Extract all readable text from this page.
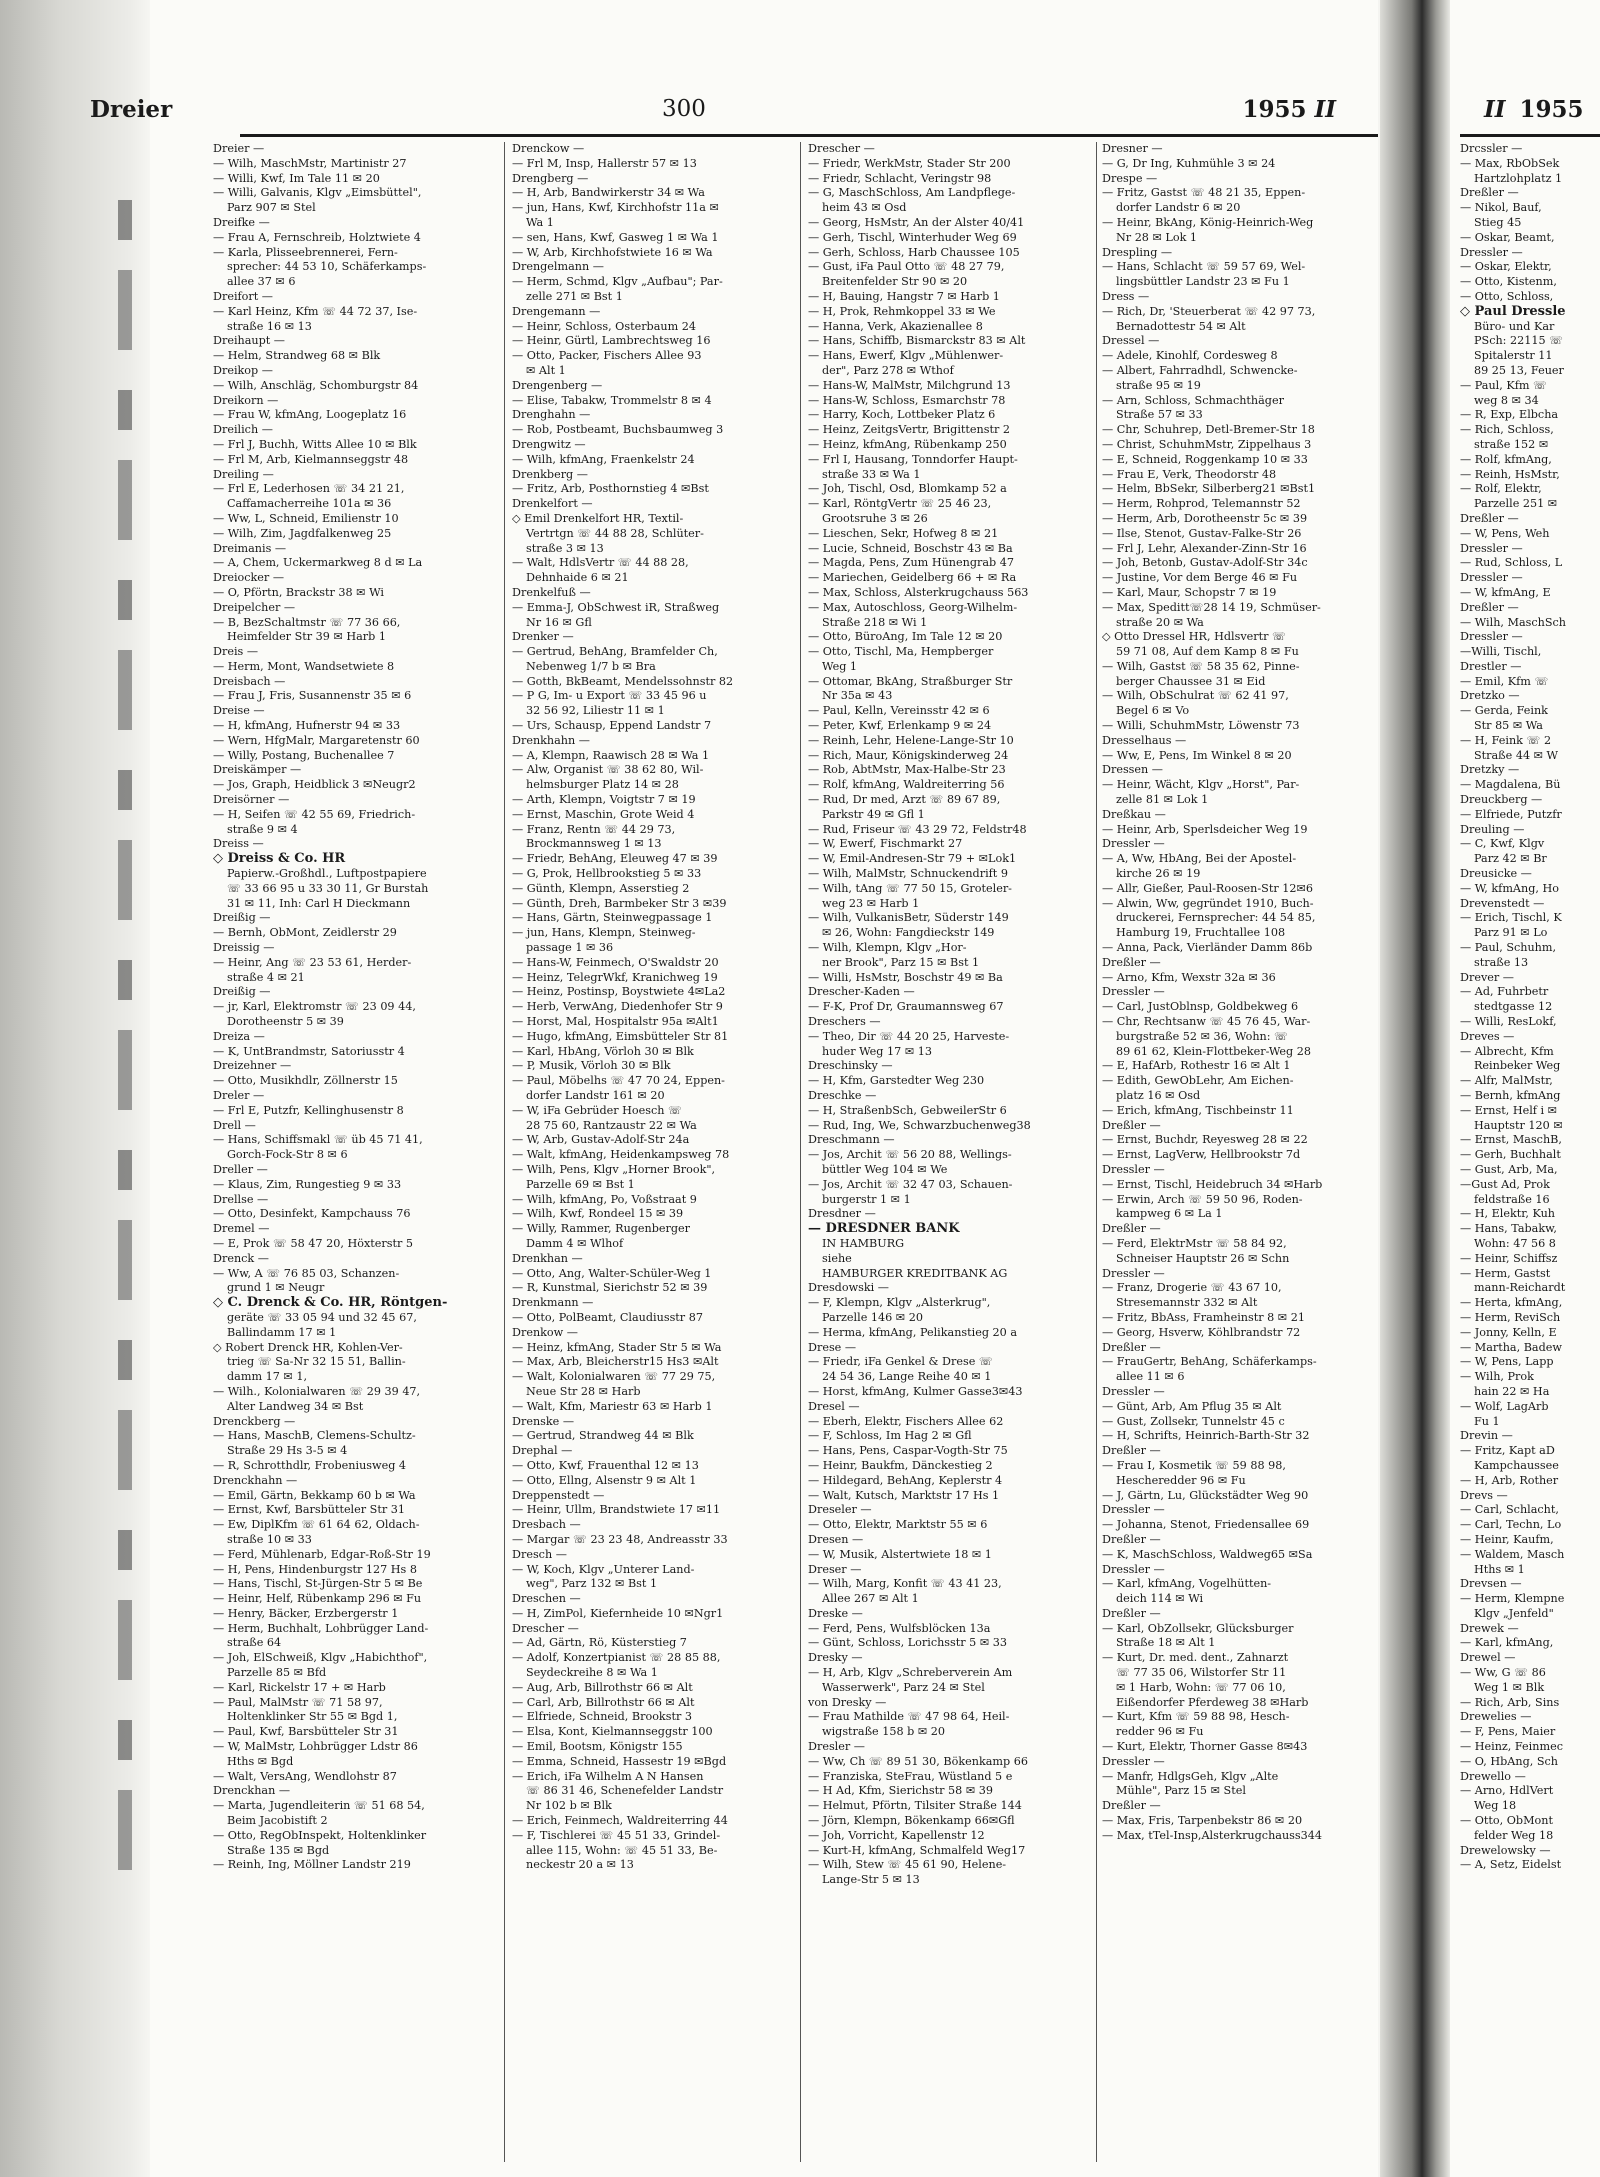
II 1955
Drcssler —
— Max, RbObSek
Hartzlohplatz 1
Dreßler —
— Nikol, Bauf,
Stieg 45
— Oskar, Beamt,
Dressler —
— Oskar, Elektr,
— Otto, Kistenm,
— Otto, Schloss,
◇ Paul Dressle
Büro- und Kar
PSch: 22115 ☏
Spitalerstr 11
89 25 13, Feuer
— Paul, Kfm ☏
weg 8 ✉ 34
— R, Exp, Elbcha
— Rich, Schloss,
straße 152 ✉
— Rolf, kfmAng,
— Reinh, HsMstr,
— Rolf, Elektr,
Parzelle 251 ✉
Dreßler —
— W, Pens, Weh
Dressler —
— Rud, Schloss, L
Dressler —
— W, kfmAng, E
Dreßler —
— Wilh, MaschSch
Dressler —
—Willi, Tischl,
Drestler —
— Emil, Kfm ☏
Dretzko —
— Gerda, Feink
Str 85 ✉ Wa
— H, Feink ☏ 2
Straße 44 ✉ W
Dretzky —
— Magdalena, Bü
Dreuckberg —
— Elfriede, Putzfr
Dreuling —
— C, Kwf, Klgv
Parz 42 ✉ Br
Dreusicke —
— W, kfmAng, Ho
Drevenstedt —
— Erich, Tischl, K
Parz 91 ✉ Lo
— Paul, Schuhm,
straße 13
Drever —
— Ad, Fuhrbetr
stedtgasse 12
— Willi, ResLokf,
Dreves —
— Albrecht, Kfm
Reinbeker Weg
— Alfr, MalMstr,
— Bernh, kfmAng
— Ernst, Helf i ✉
Hauptstr 120 ✉
— Ernst, MaschB,
— Gerh, Buchhalt
— Gust, Arb, Ma,
—Gust Ad, Prok
feldstraße 16
— H, Elektr, Kuh
— Hans, Tabakw,
Wohn: 47 56 8
— Heinr, Schiffsz
— Herm, Gastst
mann-Reichardt
— Herta, kfmAng,
— Herm, ReviSch
— Jonny, Kelln, E
— Martha, Badew
— W, Pens, Lapp
— Wilh, Prok
hain 22 ✉ Ha
— Wolf, LagArb
Fu 1
Drevin —
— Fritz, Kapt aD
Kampchaussee
— H, Arb, Rother
Drevs —
— Carl, Schlacht,
— Carl, Techn, Lo
— Heinr, Kaufm,
— Waldem, Masch
Hths ✉ 1
Drevsen —
— Herm, Klempne
Klgv „Jenfeld"
Drewek —
— Karl, kfmAng,
Drewel —
— Ww, G ☏ 86
Weg 1 ✉ Blk
— Rich, Arb, Sins
Drewelies —
— F, Pens, Maier
— Heinz, Feinmec
— O, HbAng, Sch
Drewello —
— Arno, HdlVert
Weg 18
— Otto, ObMont
felder Weg 18
Drewelowsky —
— A, Setz, Eidelst
Dreier	300	1955 II
Dreier —
— Wilh, MaschMstr, Martinistr 27
— Willi, Kwf, Im Tale 11 ✉ 20
— Willi, Galvanis, Klgv „Eimsbüttel",
Parz 907 ✉ Stel
Dreifke —
— Frau A, Fernschreib, Holztwiete 4
— Karla, Plisseebrennerei, Fern-
sprecher: 44 53 10, Schäferkamps-
allee 37 ✉ 6
Dreifort —
— Karl Heinz, Kfm ☏ 44 72 37, Ise-
straße 16 ✉ 13
Dreihaupt —
— Helm, Strandweg 68 ✉ Blk
Dreikop —
— Wilh, Anschläg, Schomburgstr 84
Dreikorn —
— Frau W, kfmAng, Loogeplatz 16
Dreilich —
— Frl J, Buchh, Witts Allee 10 ✉ Blk
— Frl M, Arb, Kielmannseggstr 48
Dreiling —
— Frl E, Lederhosen ☏ 34 21 21,
Caffamacherreihe 101a ✉ 36
— Ww, L, Schneid, Emilienstr 10
— Wilh, Zim, Jagdfalkenweg 25
Dreimanis —
— A, Chem, Uckermarkweg 8 d ✉ La
Dreiocker —
— O, Pförtn, Brackstr 38 ✉ Wi
Dreipelcher —
— B, BezSchaltmstr ☏ 77 36 66,
Heimfelder Str 39 ✉ Harb 1
Dreis —
— Herm, Mont, Wandsetwiete 8
Dreisbach —
— Frau J, Fris, Susannenstr 35 ✉ 6
Dreise —
— H, kfmAng, Hufnerstr 94 ✉ 33
— Wern, HfgMalr, Margaretenstr 60
— Willy, Postang, Buchenallee 7
Dreiskämper —
— Jos, Graph, Heidblick 3 ✉Neugr2
Dreisörner —
— H, Seifen ☏ 42 55 69, Friedrich-
straße 9 ✉ 4
Dreiss —
◇ Dreiss & Co. HR
Papierw.-Großhdl., Luftpostpapiere
☏ 33 66 95 u 33 30 11, Gr Burstah
31 ✉ 11, Inh: Carl H Dieckmann
Dreißig —
— Bernh, ObMont, Zeidlerstr 29
Dreissig —
— Heinr, Ang ☏ 23 53 61, Herder-
straße 4 ✉ 21
Dreißig —
— jr, Karl, Elektromstr ☏ 23 09 44,
Dorotheenstr 5 ✉ 39
Dreiza —
— K, UntBrandmstr, Satoriusstr 4
Dreizehner —
— Otto, Musikhdlr, Zöllnerstr 15
Dreler —
— Frl E, Putzfr, Kellinghusenstr 8
Drell —
— Hans, Schiffsmakl ☏ üb 45 71 41,
Gorch-Fock-Str 8 ✉ 6
Dreller —
— Klaus, Zim, Rungestieg 9 ✉ 33
Drellse —
— Otto, Desinfekt, Kampchauss 76
Dremel —
— E, Prok ☏ 58 47 20, Höxterstr 5
Drenck —
— Ww, A ☏ 76 85 03, Schanzen-
grund 1 ✉ Neugr
◇ C. Drenck & Co. HR, Röntgen-
geräte ☏ 33 05 94 und 32 45 67,
Ballindamm 17 ✉ 1
◇ Robert Drenck HR, Kohlen-Ver-
trieg ☏ Sa-Nr 32 15 51, Ballin-
damm 17 ✉ 1,
— Wilh., Kolonialwaren ☏ 29 39 47,
Alter Landweg 34 ✉ Bst
Drenckberg —
— Hans, MaschB, Clemens-Schultz-
Straße 29 Hs 3-5 ✉ 4
— R, Schrotthdlr, Frobeniusweg 4
Drenckhahn —
— Emil, Gärtn, Bekkamp 60 b ✉ Wa
— Ernst, Kwf, Barsbütteler Str 31
— Ew, DiplKfm ☏ 61 64 62, Oldach-
straße 10 ✉ 33
— Ferd, Mühlenarb, Edgar-Roß-Str 19
— H, Pens, Hindenburgstr 127 Hs 8
— Hans, Tischl, St-Jürgen-Str 5 ✉ Be
— Heinr, Helf, Rübenkamp 296 ✉ Fu
— Henry, Bäcker, Erzbergerstr 1
— Herm, Buchhalt, Lohbrügger Land-
straße 64
— Joh, ElSchweiß, Klgv „Habichthof",
Parzelle 85 ✉ Bfd
— Karl, Rickelstr 17 + ✉ Harb
— Paul, MalMstr ☏ 71 58 97,
Holtenklinker Str 55 ✉ Bgd 1,
— Paul, Kwf, Barsbütteler Str 31
— W, MalMstr, Lohbrügger Ldstr 86
Hths ✉ Bgd
— Walt, VersAng, Wendlohstr 87
Drenckhan —
— Marta, Jugendleiterin ☏ 51 68 54,
Beim Jacobistift 2
— Otto, RegObInspekt, Holtenklinker
Straße 135 ✉ Bgd
— Reinh, Ing, Möllner Landstr 219
Drenckow —
— Frl M, Insp, Hallerstr 57 ✉ 13
Drengberg —
— H, Arb, Bandwirkerstr 34 ✉ Wa
— jun, Hans, Kwf, Kirchhofstr 11a ✉
Wa 1
— sen, Hans, Kwf, Gasweg 1 ✉ Wa 1
— W, Arb, Kirchhofstwiete 16 ✉ Wa
Drengelmann —
— Herm, Schmd, Klgv „Aufbau"; Par-
zelle 271 ✉ Bst 1
Drengemann —
— Heinr, Schloss, Osterbaum 24
— Heinr, Gürtl, Lambrechtsweg 16
— Otto, Packer, Fischers Allee 93
✉ Alt 1
Drengenberg —
— Elise, Tabakw, Trommelstr 8 ✉ 4
Drenghahn —
— Rob, Postbeamt, Buchsbaumweg 3
Drengwitz —
— Wilh, kfmAng, Fraenkelstr 24
Drenkberg —
— Fritz, Arb, Posthornstieg 4 ✉Bst
Drenkelfort —
◇ Emil Drenkelfort HR, Textil-
Vertrtgn ☏ 44 88 28, Schlüter-
straße 3 ✉ 13
— Walt, HdlsVertr ☏ 44 88 28,
Dehnhaide 6 ✉ 21
Drenkelfuß —
— Emma-J, ObSchwest iR, Straßweg
Nr 16 ✉ Gfl
Drenker —
— Gertrud, BehAng, Bramfelder Ch,
Nebenweg 1/7 b ✉ Bra
— Gotth, BkBeamt, Mendelssohnstr 82
— P G, Im- u Export ☏ 33 45 96 u
32 56 92, Liliestr 11 ✉ 1
— Urs, Schausp, Eppend Landstr 7
Drenkhahn —
— A, Klempn, Raawisch 28 ✉ Wa 1
— Alw, Organist ☏ 38 62 80, Wil-
helmsburger Platz 14 ✉ 28
— Arth, Klempn, Voigtstr 7 ✉ 19
— Ernst, Maschin, Grote Weid 4
— Franz, Rentn ☏ 44 29 73,
Brockmannsweg 1 ✉ 13
— Friedr, BehAng, Eleuweg 47 ✉ 39
— G, Prok, Hellbrookstieg 5 ✉ 33
— Günth, Klempn, Asserstieg 2
— Günth, Dreh, Barmbeker Str 3 ✉39
— Hans, Gärtn, Steinwegpassage 1
— jun, Hans, Klempn, Steinweg-
passage 1 ✉ 36
— Hans-W, Feinmech, O'Swaldstr 20
— Heinz, TelegrWkf, Kranichweg 19
— Heinz, Postinsp, Boystwiete 4✉La2
— Herb, VerwAng, Diedenhofer Str 9
— Horst, Mal, Hospitalstr 95a ✉Alt1
— Hugo, kfmAng, Eimsbütteler Str 81
— Karl, HbAng, Vörloh 30 ✉ Blk
— P, Musik, Vörloh 30 ✉ Blk
— Paul, Möbelhs ☏ 47 70 24, Eppen-
dorfer Landstr 161 ✉ 20
— W, iFa Gebrüder Hoesch ☏
28 75 60, Rantzaustr 22 ✉ Wa
— W, Arb, Gustav-Adolf-Str 24a
— Walt, kfmAng, Heidenkampsweg 78
— Wilh, Pens, Klgv „Horner Brook",
Parzelle 69 ✉ Bst 1
— Wilh, kfmAng, Po, Voßstraat 9
— Wilh, Kwf, Rondeel 15 ✉ 39
— Willy, Rammer, Rugenberger
Damm 4 ✉ Wlhof
Drenkhan —
— Otto, Ang, Walter-Schüler-Weg 1
— R, Kunstmal, Sierichstr 52 ✉ 39
Drenkmann —
— Otto, PolBeamt, Claudiusstr 87
Drenkow —
— Heinz, kfmAng, Stader Str 5 ✉ Wa
— Max, Arb, Bleicherstr15 Hs3 ✉Alt
— Walt, Kolonialwaren ☏ 77 29 75,
Neue Str 28 ✉ Harb
— Walt, Kfm, Mariestr 63 ✉ Harb 1
Drenske —
— Gertrud, Strandweg 44 ✉ Blk
Drephal —
— Otto, Kwf, Frauenthal 12 ✉ 13
— Otto, Ellng, Alsenstr 9 ✉ Alt 1
Dreppenstedt —
— Heinr, Ullm, Brandstwiete 17 ✉11
Dresbach —
— Margar ☏ 23 23 48, Andreasstr 33
Dresch —
— W, Koch, Klgv „Unterer Land-
weg", Parz 132 ✉ Bst 1
Dreschen —
— H, ZimPol, Kiefernheide 10 ✉Ngr1
Drescher —
— Ad, Gärtn, Rö, Küsterstieg 7
— Adolf, Konzertpianist ☏ 28 85 88,
Seydeckreihe 8 ✉ Wa 1
— Aug, Arb, Billrothstr 66 ✉ Alt
— Carl, Arb, Billrothstr 66 ✉ Alt
— Elfriede, Schneid, Brookstr 3
— Elsa, Kont, Kielmannseggstr 100
— Emil, Bootsm, Königstr 155
— Emma, Schneid, Hassestr 19 ✉Bgd
— Erich, iFa Wilhelm A N Hansen
☏ 86 31 46, Schenefelder Landstr
Nr 102 b ✉ Blk
— Erich, Feinmech, Waldreiterring 44
— F, Tischlerei ☏ 45 51 33, Grindel-
allee 115, Wohn: ☏ 45 51 33, Be-
neckestr 20 a ✉ 13
Drescher —
— Friedr, WerkMstr, Stader Str 200
— Friedr, Schlacht, Veringstr 98
— G, MaschSchloss, Am Landpflege-
heim 43 ✉ Osd
— Georg, HsMstr, An der Alster 40/41
— Gerh, Tischl, Winterhuder Weg 69
— Gerh, Schloss, Harb Chaussee 105
— Gust, iFa Paul Otto ☏ 48 27 79,
Breitenfelder Str 90 ✉ 20
— H, Bauing, Hangstr 7 ✉ Harb 1
— H, Prok, Rehmkoppel 33 ✉ We
— Hanna, Verk, Akazienallee 8
— Hans, Schiffb, Bismarckstr 83 ✉ Alt
— Hans, Ewerf, Klgv „Mühlenwer-
der", Parz 278 ✉ Wthof
— Hans-W, MalMstr, Milchgrund 13
— Hans-W, Schloss, Esmarchstr 78
— Harry, Koch, Lottbeker Platz 6
— Heinz, ZeitgsVertr, Brigittenstr 2
— Heinz, kfmAng, Rübenkamp 250
— Frl I, Hausang, Tonndorfer Haupt-
straße 33 ✉ Wa 1
— Joh, Tischl, Osd, Blomkamp 52 a
— Karl, RöntgVertr ☏ 25 46 23,
Grootsruhe 3 ✉ 26
— Lieschen, Sekr, Hofweg 8 ✉ 21
— Lucie, Schneid, Boschstr 43 ✉ Ba
— Magda, Pens, Zum Hünengrab 47
— Mariechen, Geidelberg 66 + ✉ Ra
— Max, Schloss, Alsterkrugchauss 563
— Max, Autoschloss, Georg-Wilhelm-
Straße 218 ✉ Wi 1
— Otto, BüroAng, Im Tale 12 ✉ 20
— Otto, Tischl, Ma, Hempberger
Weg 1
— Ottomar, BkAng, Straßburger Str
Nr 35a ✉ 43
— Paul, Kelln, Vereinsstr 42 ✉ 6
— Peter, Kwf, Erlenkamp 9 ✉ 24
— Reinh, Lehr, Helene-Lange-Str 10
— Rich, Maur, Königskinderweg 24
— Rob, AbtMstr, Max-Halbe-Str 23
— Rolf, kfmAng, Waldreiterring 56
— Rud, Dr med, Arzt ☏ 89 67 89,
Parkstr 49 ✉ Gfl 1
— Rud, Friseur ☏ 43 29 72, Feldstr48
— W, Ewerf, Fischmarkt 27
— W, Emil-Andresen-Str 79 + ✉Lok1
— Wilh, MalMstr, Schnuckendrift 9
— Wilh, tAng ☏ 77 50 15, Groteler-
weg 23 ✉ Harb 1
— Wilh, VulkanisBetr, Süderstr 149
✉ 26, Wohn: Fangdieckstr 149
— Wilh, Klempn, Klgv „Hor-
ner Brook", Parz 15 ✉ Bst 1
— Willi, HsMstr, Boschstr 49 ✉ Ba
Drescher-Kaden —
— F-K, Prof Dr, Graumannsweg 67
Dreschers —
— Theo, Dir ☏ 44 20 25, Harveste-
huder Weg 17 ✉ 13
Dreschinsky —
— H, Kfm, Garstedter Weg 230
Dreschke —
— H, StraßenbSch, GebweilerStr 6
— Rud, Ing, We, Schwarzbuchenweg38
Dreschmann —
— Jos, Archit ☏ 56 20 88, Wellings-
büttler Weg 104 ✉ We
— Jos, Archit ☏ 32 47 03, Schauen-
burgerstr 1 ✉ 1
Dresdner —
— DRESDNER BANK
IN HAMBURG
siehe
HAMBURGER KREDITBANK AG
Dresdowski —
— F, Klempn, Klgv „Alsterkrug",
Parzelle 146 ✉ 20
— Herma, kfmAng, Pelikanstieg 20 a
Drese —
— Friedr, iFa Genkel & Drese ☏
24 54 36, Lange Reihe 40 ✉ 1
— Horst, kfmAng, Kulmer Gasse3✉43
Dresel —
— Eberh, Elektr, Fischers Allee 62
— F, Schloss, Im Hag 2 ✉ Gfl
— Hans, Pens, Caspar-Vogth-Str 75
— Heinr, Baukfm, Dänckestieg 2
— Hildegard, BehAng, Keplerstr 4
— Walt, Kutsch, Marktstr 17 Hs 1
Dreseler —
— Otto, Elektr, Marktstr 55 ✉ 6
Dresen —
— W, Musik, Alstertwiete 18 ✉ 1
Dreser —
— Wilh, Marg, Konfit ☏ 43 41 23,
Allee 267 ✉ Alt 1
Dreske —
— Ferd, Pens, Wulfsblöcken 13a
— Günt, Schloss, Lorichsstr 5 ✉ 33
Dresky —
— H, Arb, Klgv „Schreberverein Am
Wasserwerk", Parz 24 ✉ Stel
von Dresky —
— Frau Mathilde ☏ 47 98 64, Heil-
wigstraße 158 b ✉ 20
Dresler —
— Ww, Ch ☏ 89 51 30, Bökenkamp 66
— Franziska, SteFrau, Wüstland 5 e
— H Ad, Kfm, Sierichstr 58 ✉ 39
— Helmut, Pförtn, Tilsiter Straße 144
— Jörn, Klempn, Bökenkamp 66✉Gfl
— Joh, Vorricht, Kapellenstr 12
— Kurt-H, kfmAng, Schmalfeld Weg17
— Wilh, Stew ☏ 45 61 90, Helene-
Lange-Str 5 ✉ 13
Dresner —
— G, Dr Ing, Kuhmühle 3 ✉ 24
Drespe —
— Fritz, Gastst ☏ 48 21 35, Eppen-
dorfer Landstr 6 ✉ 20
— Heinr, BkAng, König-Heinrich-Weg
Nr 28 ✉ Lok 1
Drespling —
— Hans, Schlacht ☏ 59 57 69, Wel-
lingsbüttler Landstr 23 ✉ Fu 1
Dress —
— Rich, Dr, 'Steuerberat ☏ 42 97 73,
Bernadottestr 54 ✉ Alt
Dressel —
— Adele, Kinohlf, Cordesweg 8
— Albert, Fahrradhdl, Schwencke-
straße 95 ✉ 19
— Arn, Schloss, Schmachthäger
Straße 57 ✉ 33
— Chr, Schuhrep, Detl-Bremer-Str 18
— Christ, SchuhmMstr, Zippelhaus 3
— E, Schneid, Roggenkamp 10 ✉ 33
— Frau E, Verk, Theodorstr 48
— Helm, BbSekr, Silberberg21 ✉Bst1
— Herm, Rohprod, Telemannstr 52
— Herm, Arb, Dorotheenstr 5c ✉ 39
— Ilse, Stenot, Gustav-Falke-Str 26
— Frl J, Lehr, Alexander-Zinn-Str 16
— Joh, Betonb, Gustav-Adolf-Str 34c
— Justine, Vor dem Berge 46 ✉ Fu
— Karl, Maur, Schopstr 7 ✉ 19
— Max, Speditt☏28 14 19, Schmüser-
straße 20 ✉ Wa
◇ Otto Dressel HR, Hdlsvertr ☏
59 71 08, Auf dem Kamp 8 ✉ Fu
— Wilh, Gastst ☏ 58 35 62, Pinne-
berger Chaussee 31 ✉ Eid
— Wilh, ObSchulrat ☏ 62 41 97,
Begel 6 ✉ Vo
— Willi, SchuhmMstr, Löwenstr 73
Dresselhaus —
— Ww, E, Pens, Im Winkel 8 ✉ 20
Dressen —
— Heinr, Wächt, Klgv „Horst", Par-
zelle 81 ✉ Lok 1
Dreßkau —
— Heinr, Arb, Sperlsdeicher Weg 19
Dressler —
— A, Ww, HbAng, Bei der Apostel-
kirche 26 ✉ 19
— Allr, Gießer, Paul-Roosen-Str 12✉6
— Alwin, Ww, gegründet 1910, Buch-
druckerei, Fernsprecher: 44 54 85,
Hamburg 19, Fruchtallee 108
— Anna, Pack, Vierländer Damm 86b
Dreßler —
— Arno, Kfm, Wexstr 32a ✉ 36
Dressler —
— Carl, JustOblnsp, Goldbekweg 6
— Chr, Rechtsanw ☏ 45 76 45, War-
burgstraße 52 ✉ 36, Wohn: ☏
89 61 62, Klein-Flottbeker-Weg 28
— E, HafArb, Rothestr 16 ✉ Alt 1
— Edith, GewObLehr, Am Eichen-
platz 16 ✉ Osd
— Erich, kfmAng, Tischbeinstr 11
Dreßler —
— Ernst, Buchdr, Reyesweg 28 ✉ 22
— Ernst, LagVerw, Hellbrookstr 7d
Dressler —
— Ernst, Tischl, Heidebruch 34 ✉Harb
— Erwin, Arch ☏ 59 50 96, Roden-
kampweg 6 ✉ La 1
Dreßler —
— Ferd, ElektrMstr ☏ 58 84 92,
Schneiser Hauptstr 26 ✉ Schn
Dressler —
— Franz, Drogerie ☏ 43 67 10,
Stresemannstr 332 ✉ Alt
— Fritz, BbAss, Framheinstr 8 ✉ 21
— Georg, Hsverw, Köhlbrandstr 72
Dreßler —
— FrauGertr, BehAng, Schäferkamps-
allee 11 ✉ 6
Dressler —
— Günt, Arb, Am Pflug 35 ✉ Alt
— Gust, Zollsekr, Tunnelstr 45 c
— H, Schrifts, Heinrich-Barth-Str 32
Dreßler —
— Frau I, Kosmetik ☏ 59 88 98,
Hescheredder 96 ✉ Fu
— J, Gärtn, Lu, Glückstädter Weg 90
Dressler —
— Johanna, Stenot, Friedensallee 69
Dreßler —
— K, MaschSchloss, Waldweg65 ✉Sa
Dressler —
— Karl, kfmAng, Vogelhütten-
deich 114 ✉ Wi
Dreßler —
— Karl, ObZollsekr, Glücksburger
Straße 18 ✉ Alt 1
— Kurt, Dr. med. dent., Zahnarzt
☏ 77 35 06, Wilstorfer Str 11
✉ 1 Harb, Wohn: ☏ 77 06 10,
Eißendorfer Pferdeweg 38 ✉Harb
— Kurt, Kfm ☏ 59 88 98, Hesch-
redder 96 ✉ Fu
— Kurt, Elektr, Thorner Gasse 8✉43
Dressler —
— Manfr, HdlgsGeh, Klgv „Alte
Mühle", Parz 15 ✉ Stel
Dreßler —
— Max, Fris, Tarpenbekstr 86 ✉ 20
— Max, tTel-Insp,Alsterkrugchauss344
